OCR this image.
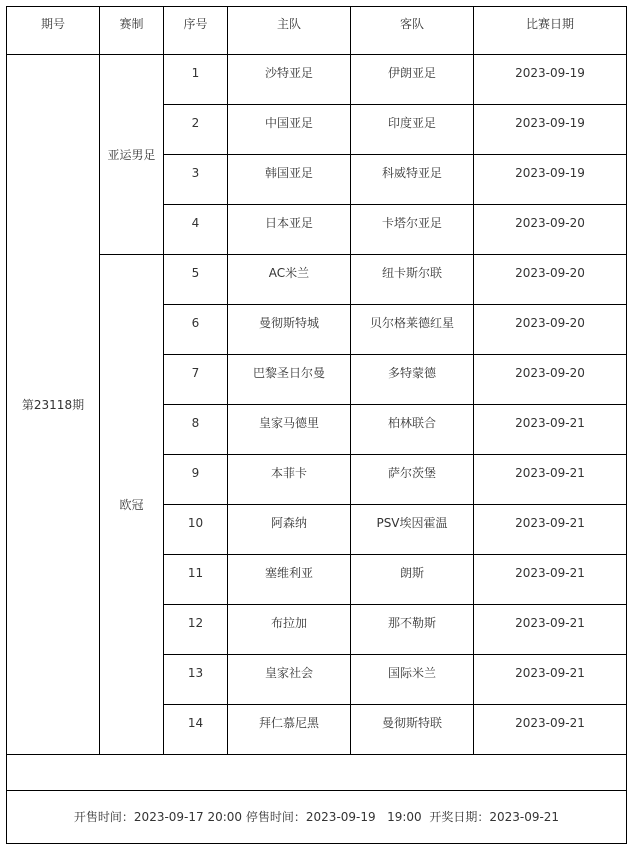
期号	赛制	序号	主队	客队	比赛日期
第23118期	亚运男足	1	沙特亚足	伊朗亚足	2023-09-19
		2	中国亚足	印度亚足	2023-09-19
		3	韩国亚足	科威特亚足	2023-09-19
		4	日本亚足	卡塔尔亚足	2023-09-20
	欧冠	5	AC米兰	纽卡斯尔联	2023-09-20
		6	曼彻斯特城	贝尔格莱德红星	2023-09-20
		7	巴黎圣日尔曼	多特蒙德	2023-09-20
		8	皇家马德里	柏林联合	2023-09-21
		9	本菲卡	萨尔茨堡	2023-09-21
		10	阿森纳	PSV埃因霍温	2023-09-21
		11	塞维利亚	朗斯	2023-09-21
		12	布拉加	那不勒斯	2023-09-21
		13	皇家社会	国际米兰	2023-09-21
		14	拜仁慕尼黑	曼彻斯特联	2023-09-21

开售时间：2023-09-17 20:00 停售时间：2023-09-19   19:00 开奖日期：2023-09-21					
